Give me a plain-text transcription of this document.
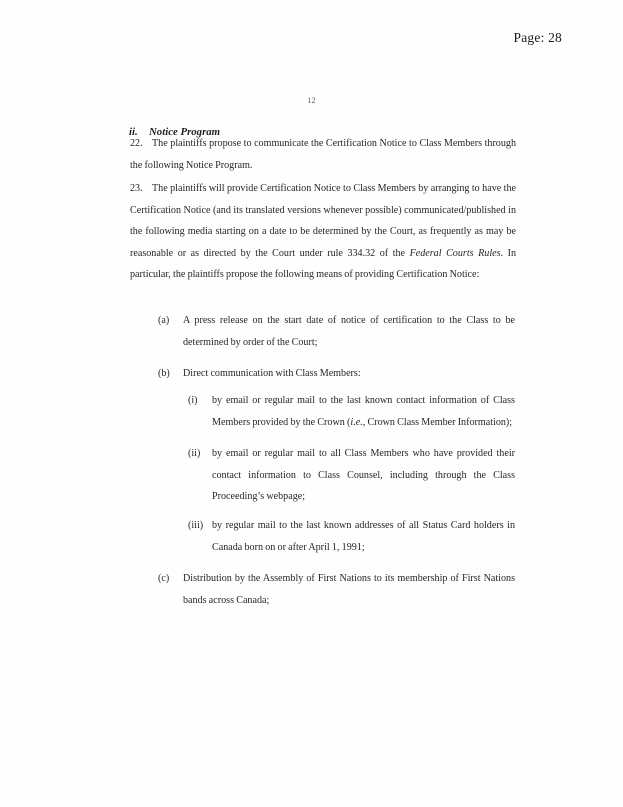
Page: 28
12
ii. Notice Program
22. The plaintiffs propose to communicate the Certification Notice to Class Members through the following Notice Program.
23. The plaintiffs will provide Certification Notice to Class Members by arranging to have the Certification Notice (and its translated versions whenever possible) communicated/published in the following media starting on a date to be determined by the Court, as frequently as may be reasonable or as directed by the Court under rule 334.32 of the Federal Courts Rules. In particular, the plaintiffs propose the following means of providing Certification Notice:
(a)	A press release on the start date of notice of certification to the Class to be determined by order of the Court;
(b)	Direct communication with Class Members:
(i)	by email or regular mail to the last known contact information of Class Members provided by the Crown (i.e., Crown Class Member Information);
(ii)	by email or regular mail to all Class Members who have provided their contact information to Class Counsel, including through the Class Proceeding’s webpage;
(iii) by regular mail to the last known addresses of all Status Card holders in Canada born on or after April 1, 1991;
(c)	Distribution by the Assembly of First Nations to its membership of First Nations bands across Canada;
